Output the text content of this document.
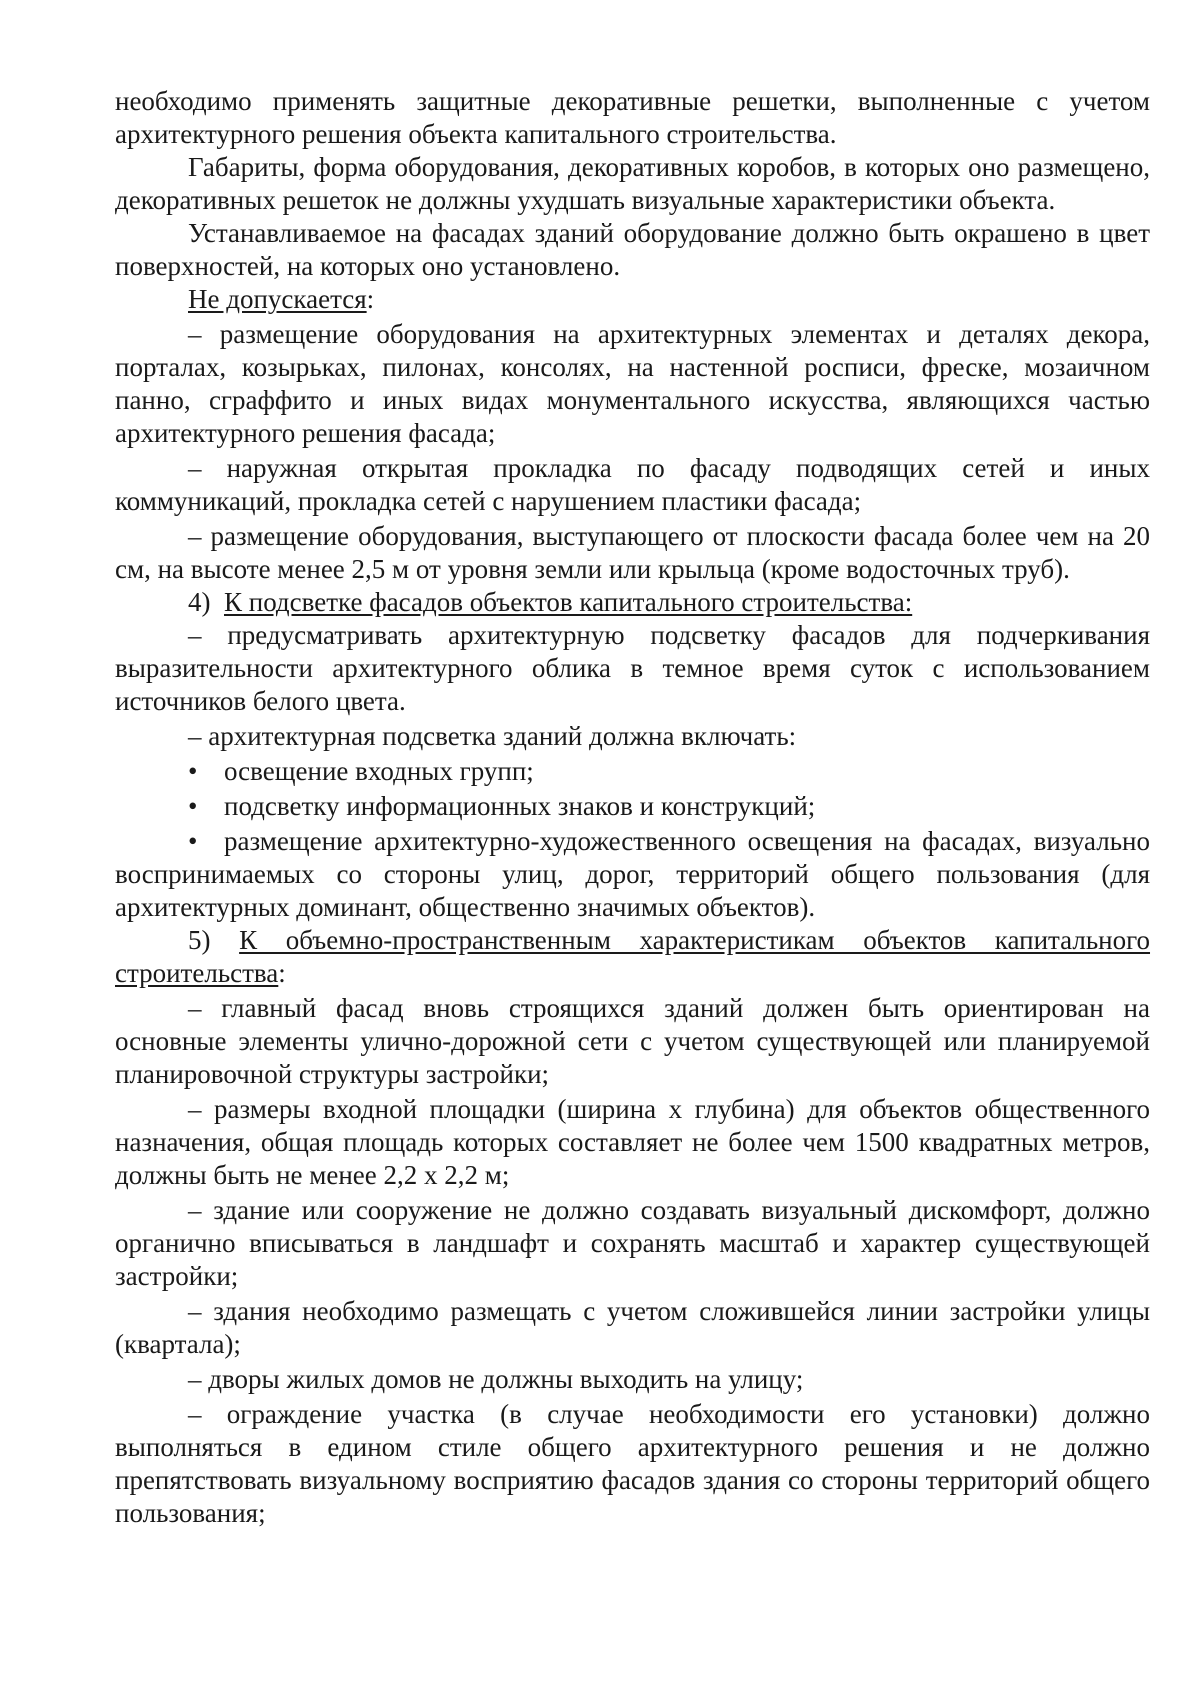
необходимо применять защитные декоративные решетки, выполненные с учетом архитектурного решения объекта капитального строительства.

Габариты, форма оборудования, декоративных коробов, в которых оно размещено, декоративных решеток не должны ухудшать визуальные характеристики объекта.

Устанавливаемое на фасадах зданий оборудование должно быть окрашено в цвет поверхностей, на которых оно установлено.

Не допускается:

– размещение оборудования на архитектурных элементах и деталях декора, порталах, козырьках, пилонах, консолях, на настенной росписи, фреске, мозаичном панно, сграффито и иных видах монументального искусства, являющихся частью архитектурного решения фасада;

– наружная открытая прокладка по фасаду подводящих сетей и иных коммуникаций, прокладка сетей с нарушением пластики фасада;

– размещение оборудования, выступающего от плоскости фасада более чем на 20 см, на высоте менее 2,5 м от уровня земли или крыльца (кроме водосточных труб).

4) К подсветке фасадов объектов капитального строительства:

– предусматривать архитектурную подсветку фасадов для подчеркивания выразительности архитектурного облика в темное время суток с использованием источников белого цвета.

– архитектурная подсветка зданий должна включать:

• освещение входных групп;
• подсветку информационных знаков и конструкций;

• размещение архитектурно-художественного освещения на фасадах, визуально воспринимаемых со стороны улиц, дорог, территорий общего пользования (для архитектурных доминант, общественно значимых объектов).

5) К объемно-пространственным характеристикам объектов капитального строительства:

– главный фасад вновь строящихся зданий должен быть ориентирован на основные элементы улично-дорожной сети с учетом существующей или планируемой планировочной структуры застройки;

– размеры входной площадки (ширина х глубина) для объектов общественного назначения, общая площадь которых составляет не более чем 1500 квадратных метров, должны быть не менее 2,2 х 2,2 м;

– здание или сооружение не должно создавать визуальный дискомфорт, должно органично вписываться в ландшафт и сохранять масштаб и характер существующей застройки;

– здания необходимо размещать с учетом сложившейся линии застройки улицы (квартала);

– дворы жилых домов не должны выходить на улицу;

– ограждение участка (в случае необходимости его установки) должно выполняться в едином стиле общего архитектурного решения и не должно препятствовать визуальному восприятию фасадов здания со стороны территорий общего пользования;
